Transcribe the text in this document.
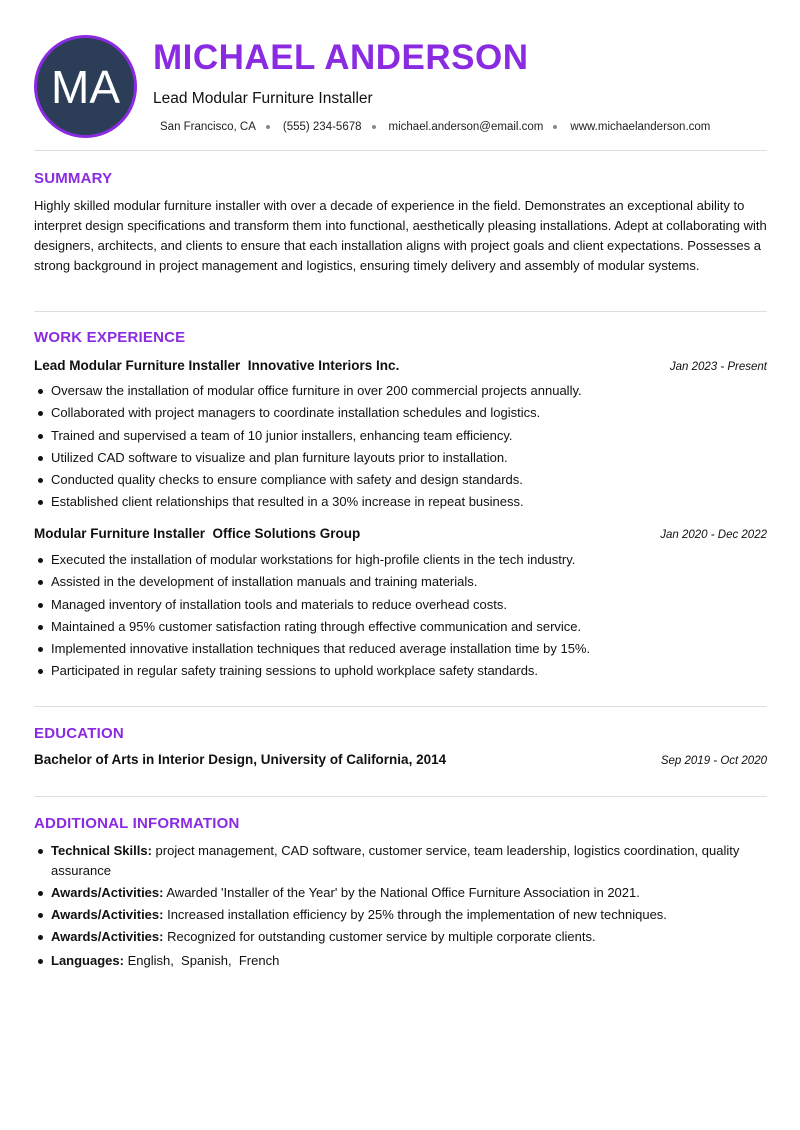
MA
MICHAEL ANDERSON
Lead Modular Furniture Installer
San Francisco, CA (555) 234-5678 michael.anderson@email.com www.michaelanderson.com
SUMMARY
Highly skilled modular furniture installer with over a decade of experience in the field. Demonstrates an exceptional ability to interpret design specifications and transform them into functional, aesthetically pleasing installations. Adept at collaborating with designers, architects, and clients to ensure that each installation aligns with project goals and client expectations. Possesses a strong background in project management and logistics, ensuring timely delivery and assembly of modular systems.
WORK EXPERIENCE
Lead Modular Furniture Installer  Innovative Interiors Inc.	Jan 2023 - Present
Oversaw the installation of modular office furniture in over 200 commercial projects annually.
Collaborated with project managers to coordinate installation schedules and logistics.
Trained and supervised a team of 10 junior installers, enhancing team efficiency.
Utilized CAD software to visualize and plan furniture layouts prior to installation.
Conducted quality checks to ensure compliance with safety and design standards.
Established client relationships that resulted in a 30% increase in repeat business.
Modular Furniture Installer  Office Solutions Group	Jan 2020 - Dec 2022
Executed the installation of modular workstations for high-profile clients in the tech industry.
Assisted in the development of installation manuals and training materials.
Managed inventory of installation tools and materials to reduce overhead costs.
Maintained a 95% customer satisfaction rating through effective communication and service.
Implemented innovative installation techniques that reduced average installation time by 15%.
Participated in regular safety training sessions to uphold workplace safety standards.
EDUCATION
Bachelor of Arts in Interior Design, University of California, 2014	Sep 2019 - Oct 2020
ADDITIONAL INFORMATION
Technical Skills: project management, CAD software, customer service, team leadership, logistics coordination, quality assurance
Awards/Activities: Awarded 'Installer of the Year' by the National Office Furniture Association in 2021.
Awards/Activities: Increased installation efficiency by 25% through the implementation of new techniques.
Awards/Activities: Recognized for outstanding customer service by multiple corporate clients.
Languages: English,  Spanish,  French
